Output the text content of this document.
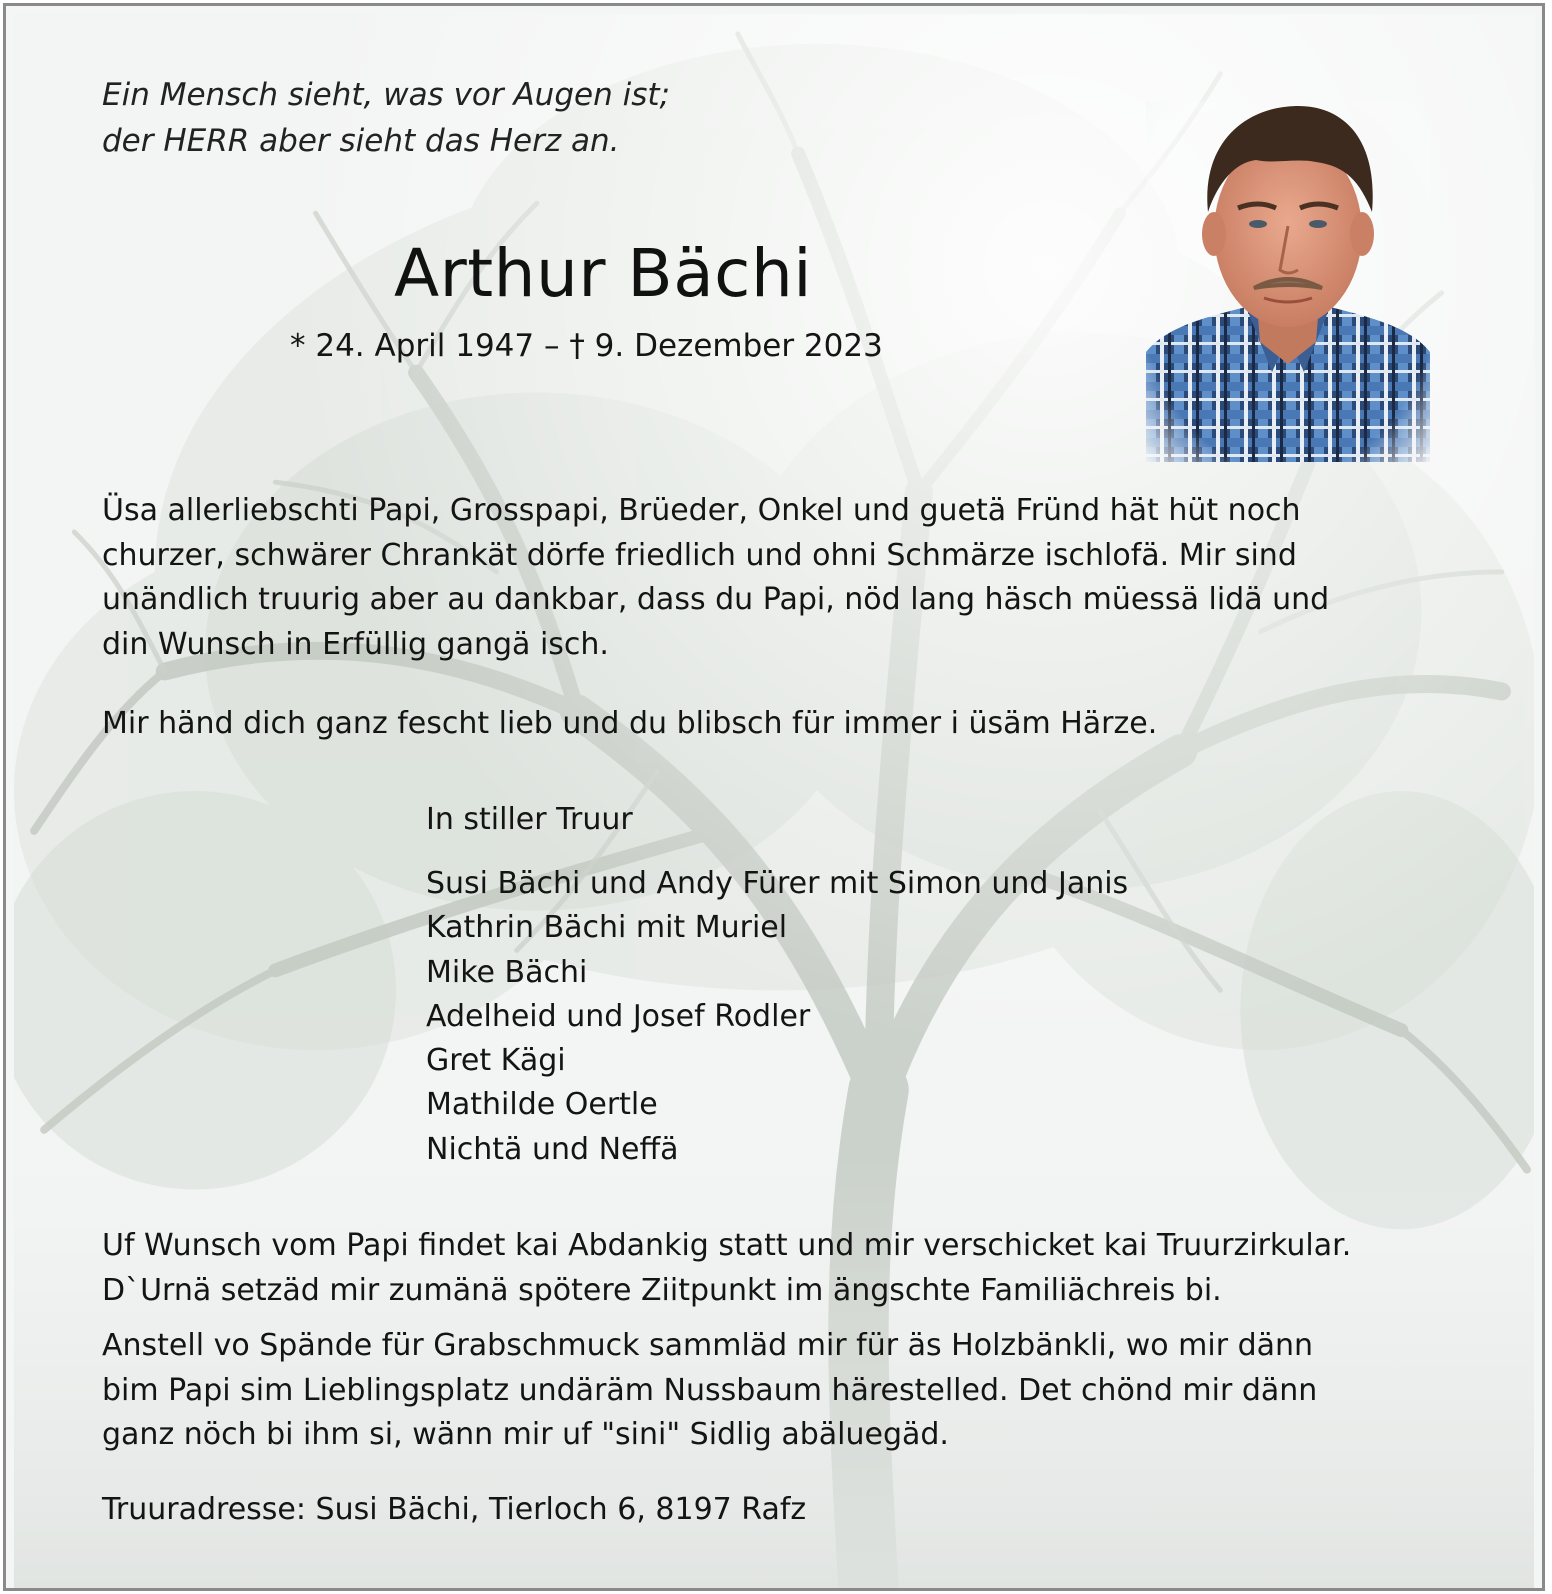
Ein Mensch sieht, was vor Augen ist;
der HERR aber sieht das Herz an.
Arthur Bächi
* 24. April 1947 – † 9. Dezember 2023
Üsa allerliebschti Papi, Grosspapi, Brüeder, Onkel und guetä Fründ hät hüt noch
churzer, schwärer Chrankät dörfe friedlich und ohni Schmärze ischlofä. Mir sind
unändlich truurig aber au dankbar, dass du Papi, nöd lang häsch müessä lidä und
din Wunsch in Erfüllig gangä isch.
Mir händ dich ganz fescht lieb und du blibsch für immer i üsäm Härze.
In stiller Truur
Susi Bächi und Andy Fürer mit Simon und Janis
Kathrin Bächi mit Muriel
Mike Bächi
Adelheid und Josef Rodler
Gret Kägi
Mathilde Oertle
Nichtä und Neffä
Uf Wunsch vom Papi findet kai Abdankig statt und mir verschicket kai Truurzirkular.
D`Urnä setzäd mir zumänä spötere Ziitpunkt im ängschte Familiächreis bi.
Anstell vo Spände für Grabschmuck sammläd mir für äs Holzbänkli, wo mir dänn
bim Papi sim Lieblingsplatz undäräm Nussbaum härestelled. Det chönd mir dänn
ganz nöch bi ihm si, wänn mir uf "sini" Sidlig abäluegäd.
Truuradresse: Susi Bächi, Tierloch 6, 8197 Rafz
